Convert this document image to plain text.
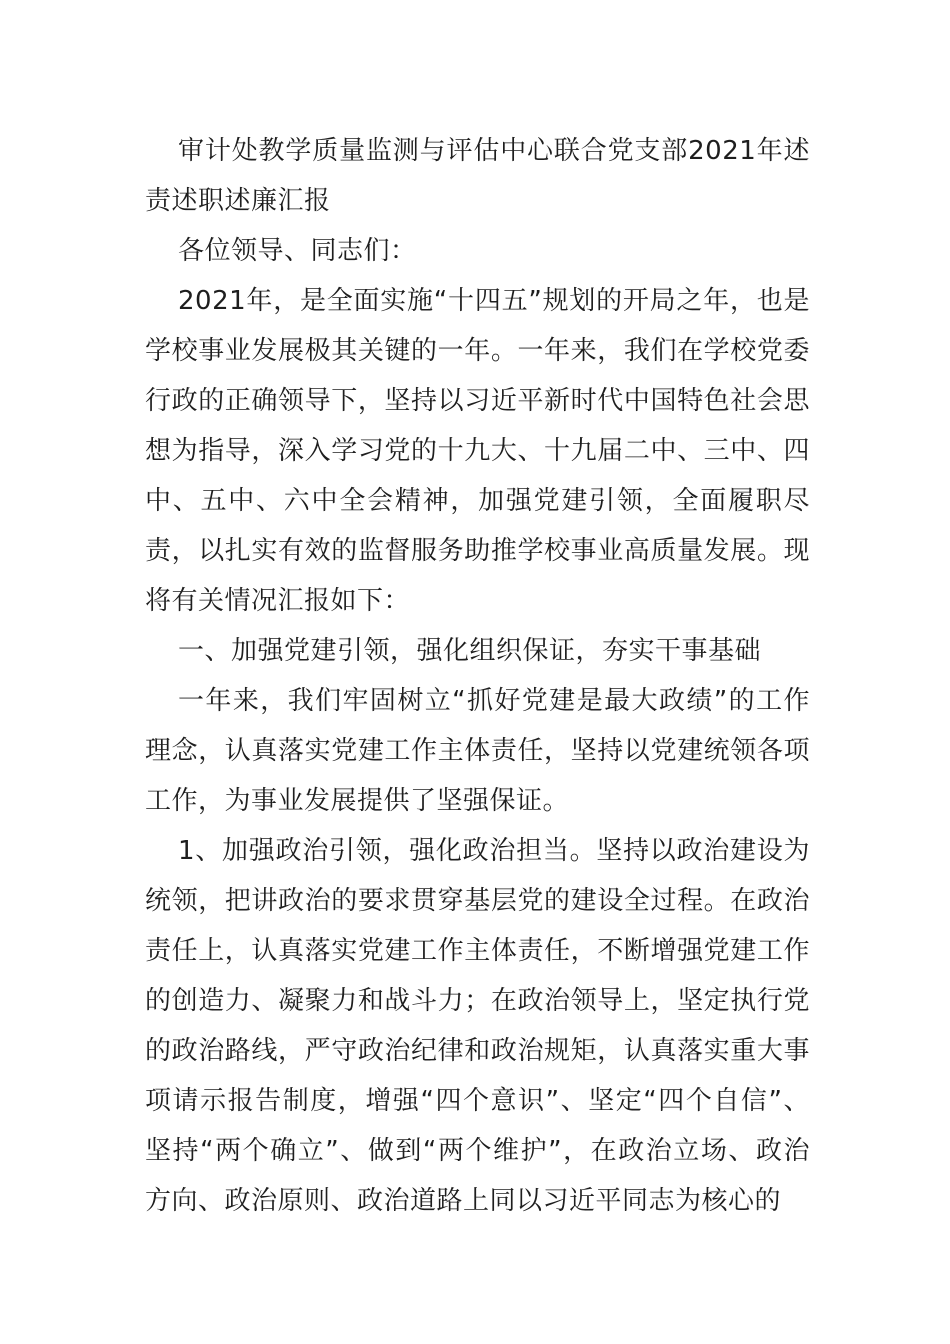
审计处教学质量监测与评估中心联合党支部2021年述责述职述廉汇报

各位领导、同志们：

2021年，是全面实施“十四五”规划的开局之年，也是学校事业发展极其关键的一年。一年来，我们在学校党委行政的正确领导下，坚持以习近平新时代中国特色社会思想为指导，深入学习党的十九大、十九届二中、三中、四中、五中、六中全会精神，加强党建引领，全面履职尽责，以扎实有效的监督服务助推学校事业高质量发展。现将有关情况汇报如下：

一、加强党建引领，强化组织保证，夯实干事基础

一年来，我们牢固树立“抓好党建是最大政绩”的工作理念，认真落实党建工作主体责任，坚持以党建统领各项工作，为事业发展提供了坚强保证。

1、加强政治引领，强化政治担当。坚持以政治建设为统领，把讲政治的要求贯穿基层党的建设全过程。在政治责任上，认真落实党建工作主体责任，不断增强党建工作的创造力、凝聚力和战斗力；在政治领导上，坚定执行党的政治路线，严守政治纪律和政治规矩，认真落实重大事项请示报告制度，增强“四个意识”、坚定“四个自信”、坚持“两个确立”、做到“两个维护”，在政治立场、政治方向、政治原则、政治道路上同以习近平同志为核心的
